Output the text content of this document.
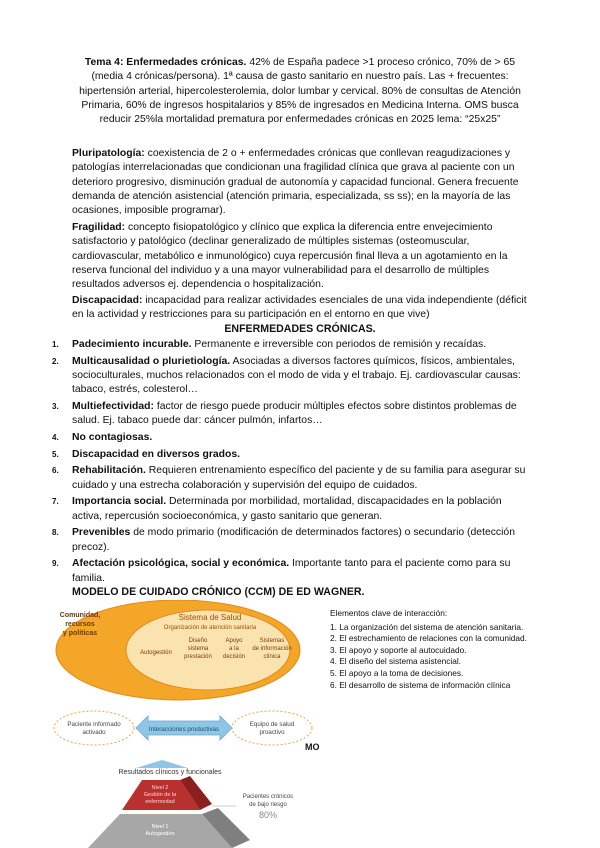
Tema 4: Enfermedades crónicas. 42% de España padece >1 proceso crónico, 70% de > 65 (media 4 crónicas/persona). 1ª causa de gasto sanitario en nuestro país. Las + frecuentes: hipertensión arterial, hipercolesterolemia, dolor lumbar y cervical. 80% de consultas de Atención Primaria, 60% de ingresos hospitalarios y 85% de ingresados en Medicina Interna. OMS busca reducir 25%la mortalidad prematura por enfermedades crónicas en 2025 lema: “25x25”

Pluripatología: coexistencia de 2 o + enfermedades crónicas que conllevan reagudizaciones y patologías interrelacionadas que condicionan una fragilidad clínica que grava al paciente con un deterioro progresivo, disminución gradual de autonomía y capacidad funcional. Genera frecuente demanda de atención asistencial (atención primaria, especializada, ss ss); en la mayoría de las ocasiones, imposible programar).

Fragilidad: concepto fisiopatológico y clínico que explica la diferencia entre envejecimiento satisfactorio y patológico (declinar generalizado de múltiples sistemas (osteomuscular, cardiovascular, metabólico e inmunológico) cuya repercusión final lleva a un agotamiento en la reserva funcional del individuo y a una mayor vulnerabilidad para el desarrollo de múltiples resultados adversos ej. dependencia o hospitalización.

Discapacidad: incapacidad para realizar actividades esenciales de una vida independiente (déficit en la actividad y restricciones para su participación en el entorno en que vive)

ENFERMEDADES CRÓNICAS.

1. Padecimiento incurable. Permanente e irreversible con periodos de remisión y recaídas.
2. Multicausalidad o plurietiología. Asociadas a diversos factores químicos, físicos, ambientales, socioculturales, muchos relacionados con el modo de vida y el trabajo. Ej. cardiovascular causas: tabaco, estrés, colesterol…
3. Multiefectividad: factor de riesgo puede producir múltiples efectos sobre distintos problemas de salud. Ej. tabaco puede dar: cáncer pulmón, infartos…
4. No contagiosas.
5. Discapacidad en diversos grados.
6. Rehabilitación. Requieren entrenamiento específico del paciente y de su familia para asegurar su cuidado y una estrecha colaboración y supervisión del equipo de cuidados.
7. Importancia social. Determinada por morbilidad, mortalidad, discapacidades en la población activa, repercusión socioeconómica, y gasto sanitario que generan.
8. Prevenibles de modo primario (modificación de determinados factores) o secundario (detección precoz).
9. Afectación psicológica, social y económica. Importante tanto para el paciente como para su familia.

MODELO DE CUIDADO CRÓNICO (CCM) DE ED WAGNER.

Comunidad,
recursos
y políticas
Sistema de Salud
Organización de atención sanitaria
Autogestión
Diseño
sistema
prestación
Apoyo
a la
decisión
Sistemas
de información
clínica
Paciente informado
activado	Interacciones productivas
Equipo de salud
proactivo
Resultados clínicos y funcionales
Nivel 2
Gestión de la
enfermedad
Nivel 1
Autogestión
Pacientes crónicos
de bajo riesgo
80%
MO

Elementos clave de interacción:

1. La organización del sistema de atención sanitaria.
2. El estrechamiento de relaciones con la comunidad.
3. El apoyo y soporte al autocuidado.
4. El diseño del sistema asistencial.
5. El apoyo a la toma de decisiones.
6. El desarrollo de sistema de información clínica
